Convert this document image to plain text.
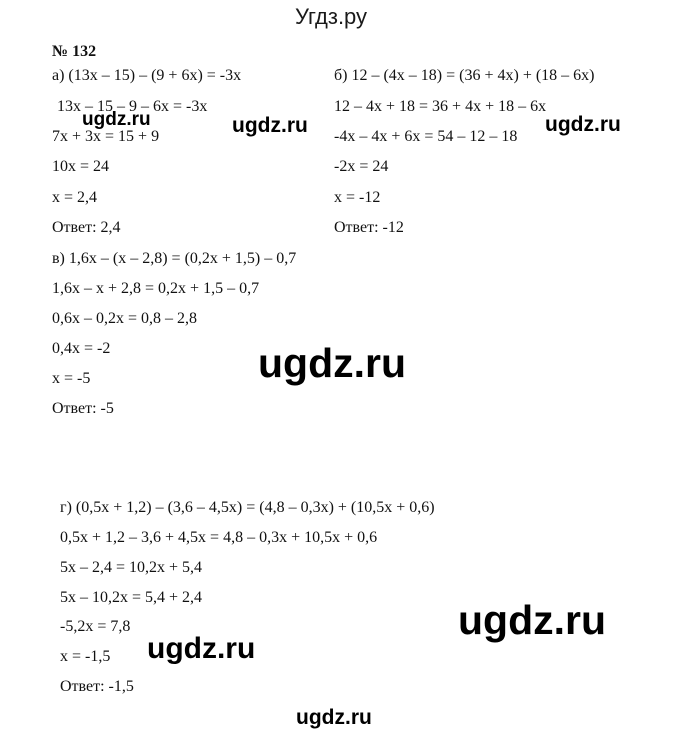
Угдз.ру
№ 132
а) (13x – 15) – (9 + 6x) = -3x
13x – 15 – 9 – 6x = -3x
7x + 3x = 15 + 9
10x = 24
x = 2,4
Ответ: 2,4
б) 12 – (4x – 18) = (36 + 4x) + (18 – 6x)
12 – 4x + 18 = 36 + 4x + 18 – 6x
-4x – 4x + 6x = 54 – 12 – 18
-2x = 24
x = -12
Ответ: -12
в) 1,6x – (x – 2,8) = (0,2x + 1,5) – 0,7
1,6x – x + 2,8 = 0,2x + 1,5 – 0,7
0,6x – 0,2x = 0,8 – 2,8
0,4x = -2
x = -5
Ответ: -5
г) (0,5x + 1,2) – (3,6 – 4,5x) = (4,8 – 0,3x) + (10,5x + 0,6)
0,5x + 1,2 – 3,6 + 4,5x = 4,8 – 0,3x + 10,5x + 0,6
5x – 2,4 = 10,2x + 5,4
5x – 10,2x = 5,4 + 2,4
-5,2x = 7,8
x = -1,5
Ответ: -1,5
ugdz.ru	ugdz.ru	ugdz.ru
ugdz.ru
ugdz.ru
ugdz.ru
ugdz.ru
